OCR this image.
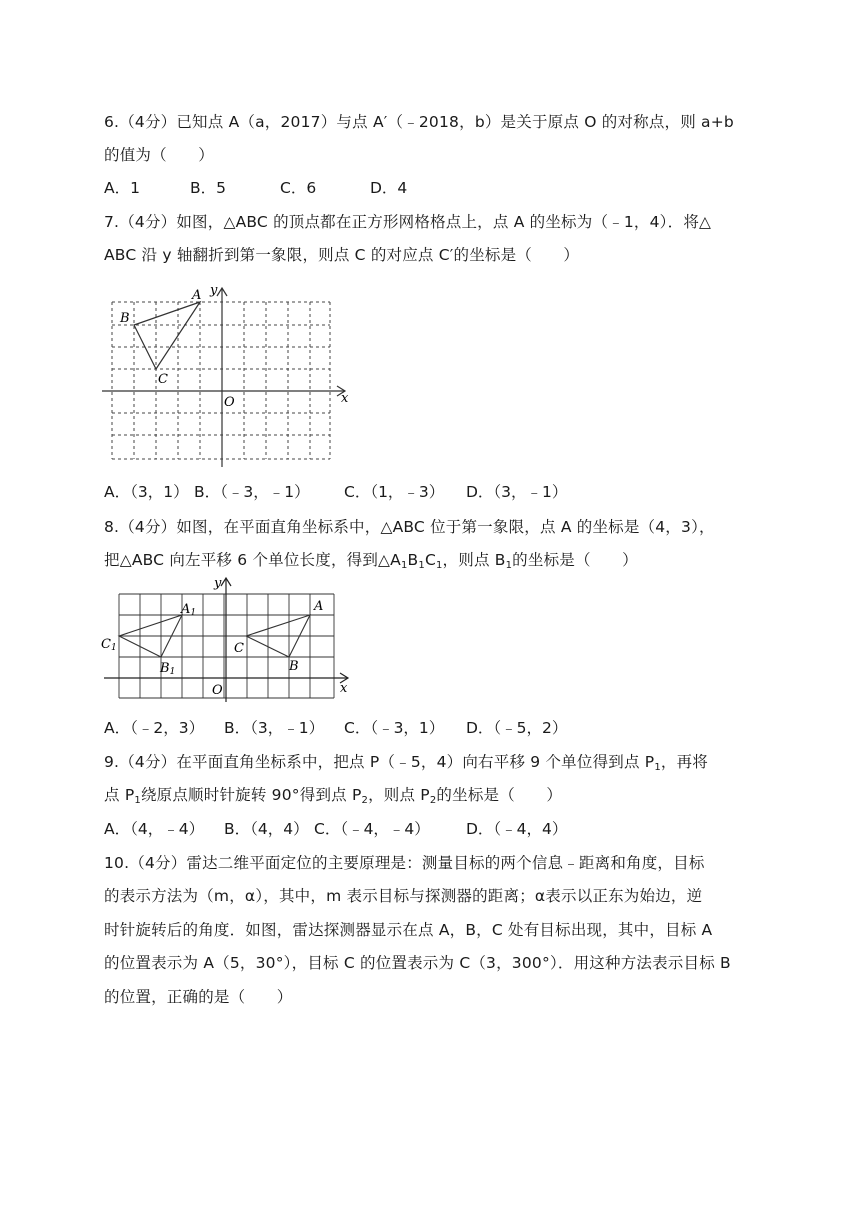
6.（4分）已知点 A（a，2017）与点 A′（﹣2018，b）是关于原点 O 的对称点，则 a+b
的值为（　　）
A．1	B．5	C．6	D．4
7.（4分）如图，△ABC 的顶点都在正方形网格格点上，点 A 的坐标为（﹣1，4）．将△
ABC 沿 y 轴翻折到第一象限，则点 C 的对应点 C′的坐标是（　　）
A
B
C
O	x
y
A．（3，1） B．（﹣3，﹣1） C．（1，﹣3） D．（3，﹣1）
8.（4分）如图，在平面直角坐标系中，△ABC 位于第一象限，点 A 的坐标是（4，3），
把△ABC 向左平移 6 个单位长度，得到$\triangle A_1B_1C_1$，则点 $B_1$的坐标是（　　）
A
B
C
A1
B1
C1
O	x
y
A．（﹣2，3） B．（3，﹣1） C．（﹣3，1） D．（﹣5，2）
9.（4分）在平面直角坐标系中，把点 P（﹣5，4）向右平移 9 个单位得到点 $P_1$，再将
点 $P_1$绕原点顺时针旋转 90°得到点 $P_2$，则点 $P_2$的坐标是（　　）
A．（4，﹣4） B．（4，4） C．（﹣4，﹣4） D．（﹣4，4）
10.（4分）雷达二维平面定位的主要原理是：测量目标的两个信息﹣距离和角度，目标
的表示方法为（m，α），其中，m 表示目标与探测器的距离；α表示以正东为始边，逆
时针旋转后的角度．如图，雷达探测器显示在点 A，B，C 处有目标出现，其中，目标 A
的位置表示为 A（5，30°），目标 C 的位置表示为 C（3，300°）．用这种方法表示目标 B
的位置，正确的是（　　）
